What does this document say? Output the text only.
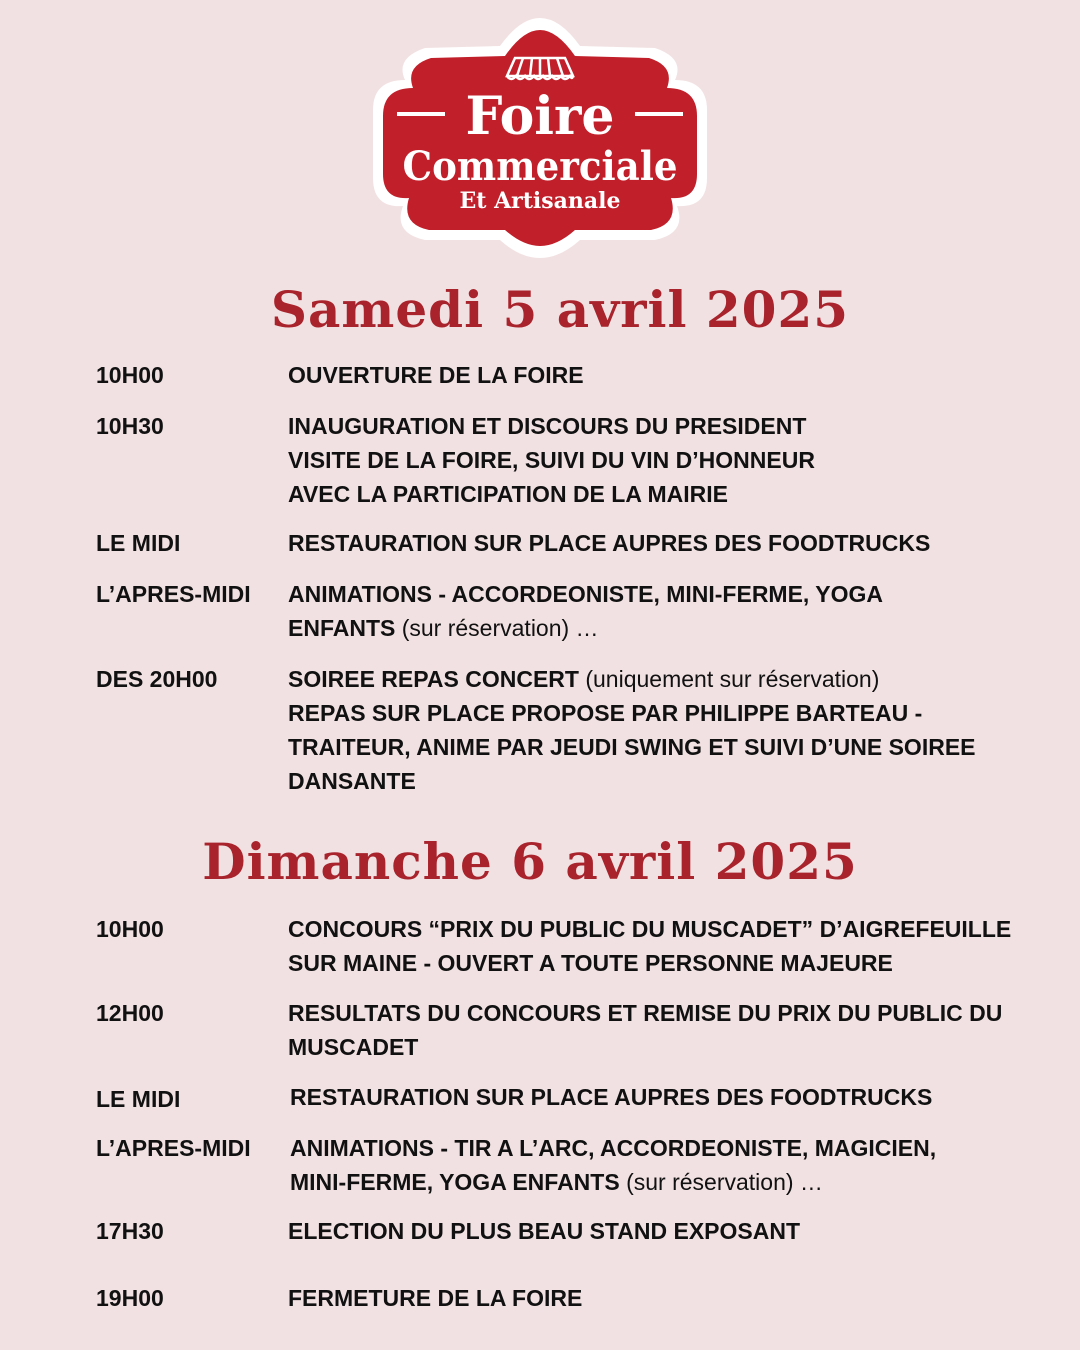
Foire
Commerciale
Et Artisanale
Samedi 5 avril 2025
10H00	OUVERTURE DE LA FOIRE
10H30	INAUGURATION ET DISCOURS DU PRESIDENT
VISITE DE LA FOIRE, SUIVI DU VIN D’HONNEUR
AVEC LA PARTICIPATION DE LA MAIRIE
LE MIDI	RESTAURATION SUR PLACE AUPRES DES FOODTRUCKS
L’APRES-MIDI	ANIMATIONS - ACCORDEONISTE, MINI-FERME, YOGA
ENFANTS (sur réservation) …
DES 20H00	SOIREE REPAS CONCERT (uniquement sur réservation)
REPAS SUR PLACE PROPOSE PAR PHILIPPE BARTEAU -
TRAITEUR, ANIME PAR JEUDI SWING ET SUIVI D’UNE SOIREE
DANSANTE
Dimanche 6 avril 2025
10H00	CONCOURS “PRIX DU PUBLIC DU MUSCADET” D’AIGREFEUILLE
SUR MAINE - OUVERT A TOUTE PERSONNE MAJEURE
12H00	RESULTATS DU CONCOURS ET REMISE DU PRIX DU PUBLIC DU
MUSCADET
LE MIDI	RESTAURATION SUR PLACE AUPRES DES FOODTRUCKS
L’APRES-MIDI	ANIMATIONS - TIR A L’ARC, ACCORDEONISTE, MAGICIEN,
MINI-FERME, YOGA ENFANTS (sur réservation) …
17H30	ELECTION DU PLUS BEAU STAND EXPOSANT
19H00	FERMETURE DE LA FOIRE
